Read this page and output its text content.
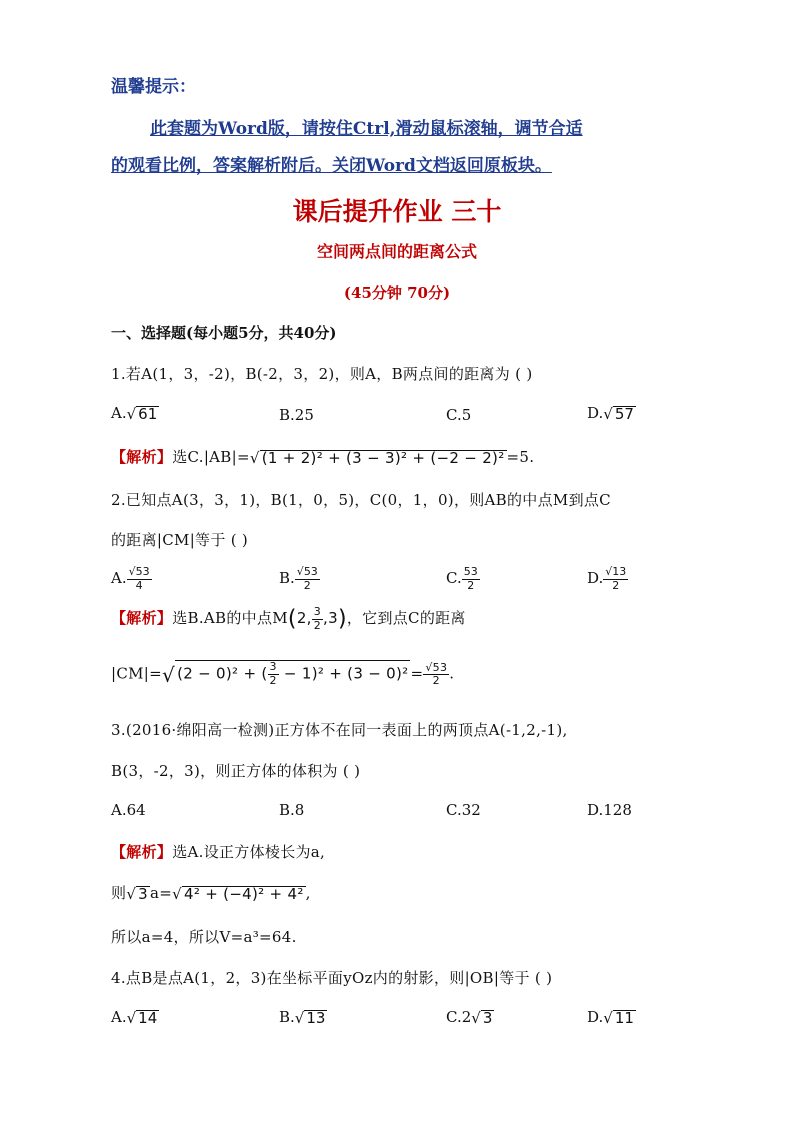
温馨提示：
此套题为Word版，请按住Ctrl,滑动鼠标滚轴，调节合适
的观看比例，答案解析附后。关闭Word文档返回原板块。
课后提升作业 三十
空间两点间的距离公式
(45分钟 70分)
一、选择题(每小题5分，共40分)
1.若A(1，3，-2)，B(-2，3，2)，则A，B两点间的距离为 ( )
A.√ 61	B.25	C.5	D.√ 57
【解析】选C.|AB|=√ (1 + 2)² + (3 − 3)² + (−2 − 2)² =5.
2.已知点A(3，3，1)，B(1，0，5)，C(0，1，0)，则AB的中点M到点C
的距离|CM|等于 ( )
A. $\frac{√53}{4}$	B. $\frac{√53}{2}$	C. $\frac{53}{2}$	D. $\frac{√13}{2}$
【解析】选B.AB的中点M(2, $\frac{3}{2} ,3$)，它到点C的距离
|CM|=√ (2 − 0)² + ( $\frac{3}{2} - 1)^2 + (3 - 0)^2 = \frac{√53}{2}$ .
3.(2016·绵阳高一检测)正方体不在同一表面上的两顶点A(-1,2,-1),
B(3，-2，3)，则正方体的体积为 ( )
A.64	B.8	C.32	D.128
【解析】选A.设正方体棱长为a,
则√ 3 a=√ 4² + (−4)² + 4² ,
所以a=4，所以V=a³=64.
4.点B是点A(1，2，3)在坐标平面yOz内的射影，则|OB|等于 ( )
A.√ 14	B.√ 13	C.2√ 3	D.√ 11
